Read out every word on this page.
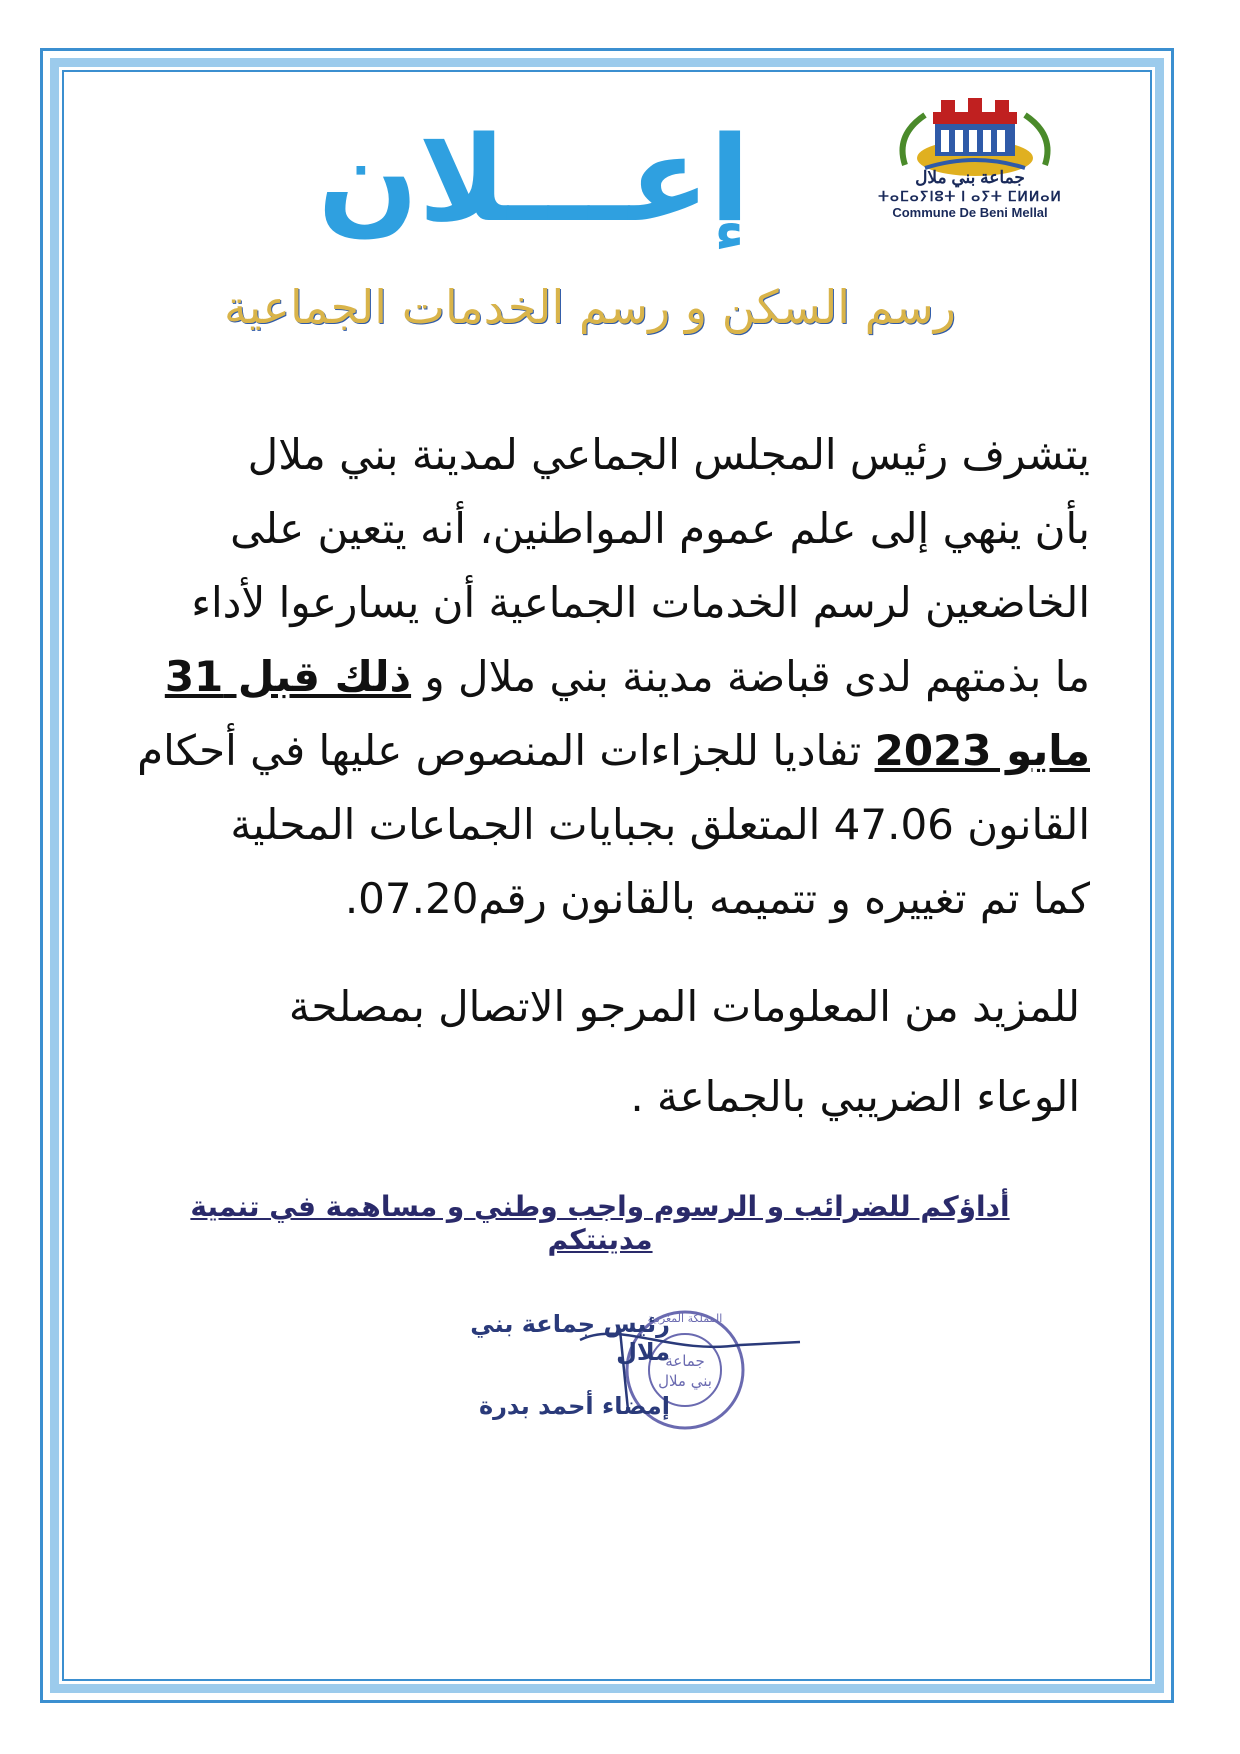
إعـــلان
رسم السكن و رسم الخدمات الجماعية
جماعة بني ملال
ⵜⴰⵎⴰⵢⵏⵓⵜ ⵏ ⴰⵢⵜ ⵎⵍⵍⴰⵍ
Commune De Beni Mellal
يتشرف رئيس المجلس الجماعي لمدينة بني ملال
بأن ينهي إلى علم عموم المواطنين، أنه يتعين على
الخاضعين لرسم الخدمات الجماعية أن يسارعوا لأداء
ما بذمتهم لدى قباضة مدينة بني ملال و ذلك قبل 31
مايو 2023 تفاديا للجزاءات المنصوص عليها في أحكام
القانون 47.06 المتعلق بجبايات الجماعات المحلية
كما تم تغييره و تتميمه بالقانون رقم07.20.
للمزيد من المعلومات المرجو الاتصال بمصلحة
الوعاء الضريبي بالجماعة .
أداؤكم للضرائب و الرسوم واجب وطني و مساهمة في تنمية مدينتكم
المملكة المغربية
جماعة
بني ملال
رئيس جماعة بني ملال
إمضاء أحمد بدرة
